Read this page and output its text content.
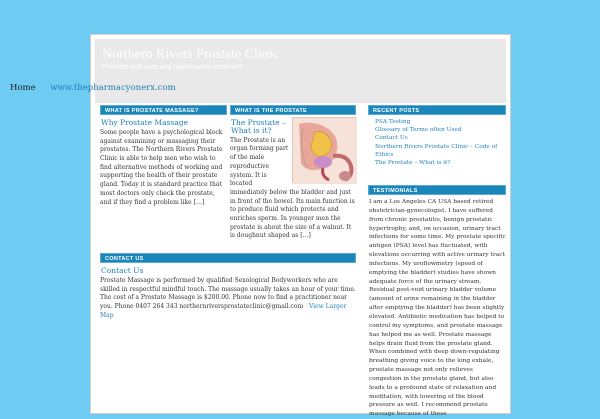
Northern Rivers Prostate Clinic
Prostate well care and rejuvenation treatment
Home www.thepharmacyonerx.com
WHAT IS PROSTATE MASSAGE?
Why Prostate Massage
Some people have a psychological block against examining or massaging their prostates. The Northern Rivers Prostate Clinic is able to help men who wish to find alternative methods of working and supporting the health of their prostate gland. Today it is standard practice that most doctors only check the prostate, and if they find a problem like […]
WHAT IS THE PROSTATE
The Prostate – What is it?
The Prostate is an organ forming part of the male reproductive system. It is located immediately below the bladder and just in front of the bowel. Its main function is to produce fluid which protects and enriches sperm. In younger men the prostate is about the size of a walnut. It is doughnut shaped as […]
CONTACT US
Contact Us
Prostate Massage is performed by qualified Sexological Bodyworkers who are skilled in respectful mindful touch. The massage usually takes an hour of your time. The cost of a Prostate Massage is $200.00. Phone now to find a practitioner near you. Phone 0407 264 343 northernriversprostateclinic@gmail.com View Larger Map
RECENT POSTS
PSA Testing
Glossary of Terms often Used
Contact Us
Northern Rivers Prostate Clinic – Code of Ethics
The Prostate – What is it?
TESTIMONIALS
I am a Los Angeles CA USA based retired obstetrician-gynecologist. I have suffered from chronic prostatitis, benign prostatic hypertrophy, and, on occasion, urinary tract infections for some time. My prostate specific antigen (PSA) level has fluctuated, with elevations occurring with active urinary tract infections. My uroflowmetry (speed of emptying the bladder) studies have shown adequate force of the urinary stream. Residual post-void urinary bladder volume (amount of urine remaining in the bladder after emptying the bladder) has been slightly elevated. Antibiotic medication has helped to control my symptoms, and prostate massage has helped me as well. Prostate massage helps drain fluid from the prostate gland. When combined with deep down-regulating breathing giving voice to the long exhale, prostate massage not only relieves congestion in the prostate gland, but also leads to a profound state of relaxation and meditation, with lowering of the blood pressure as well. I recommend prostate massage because of these
